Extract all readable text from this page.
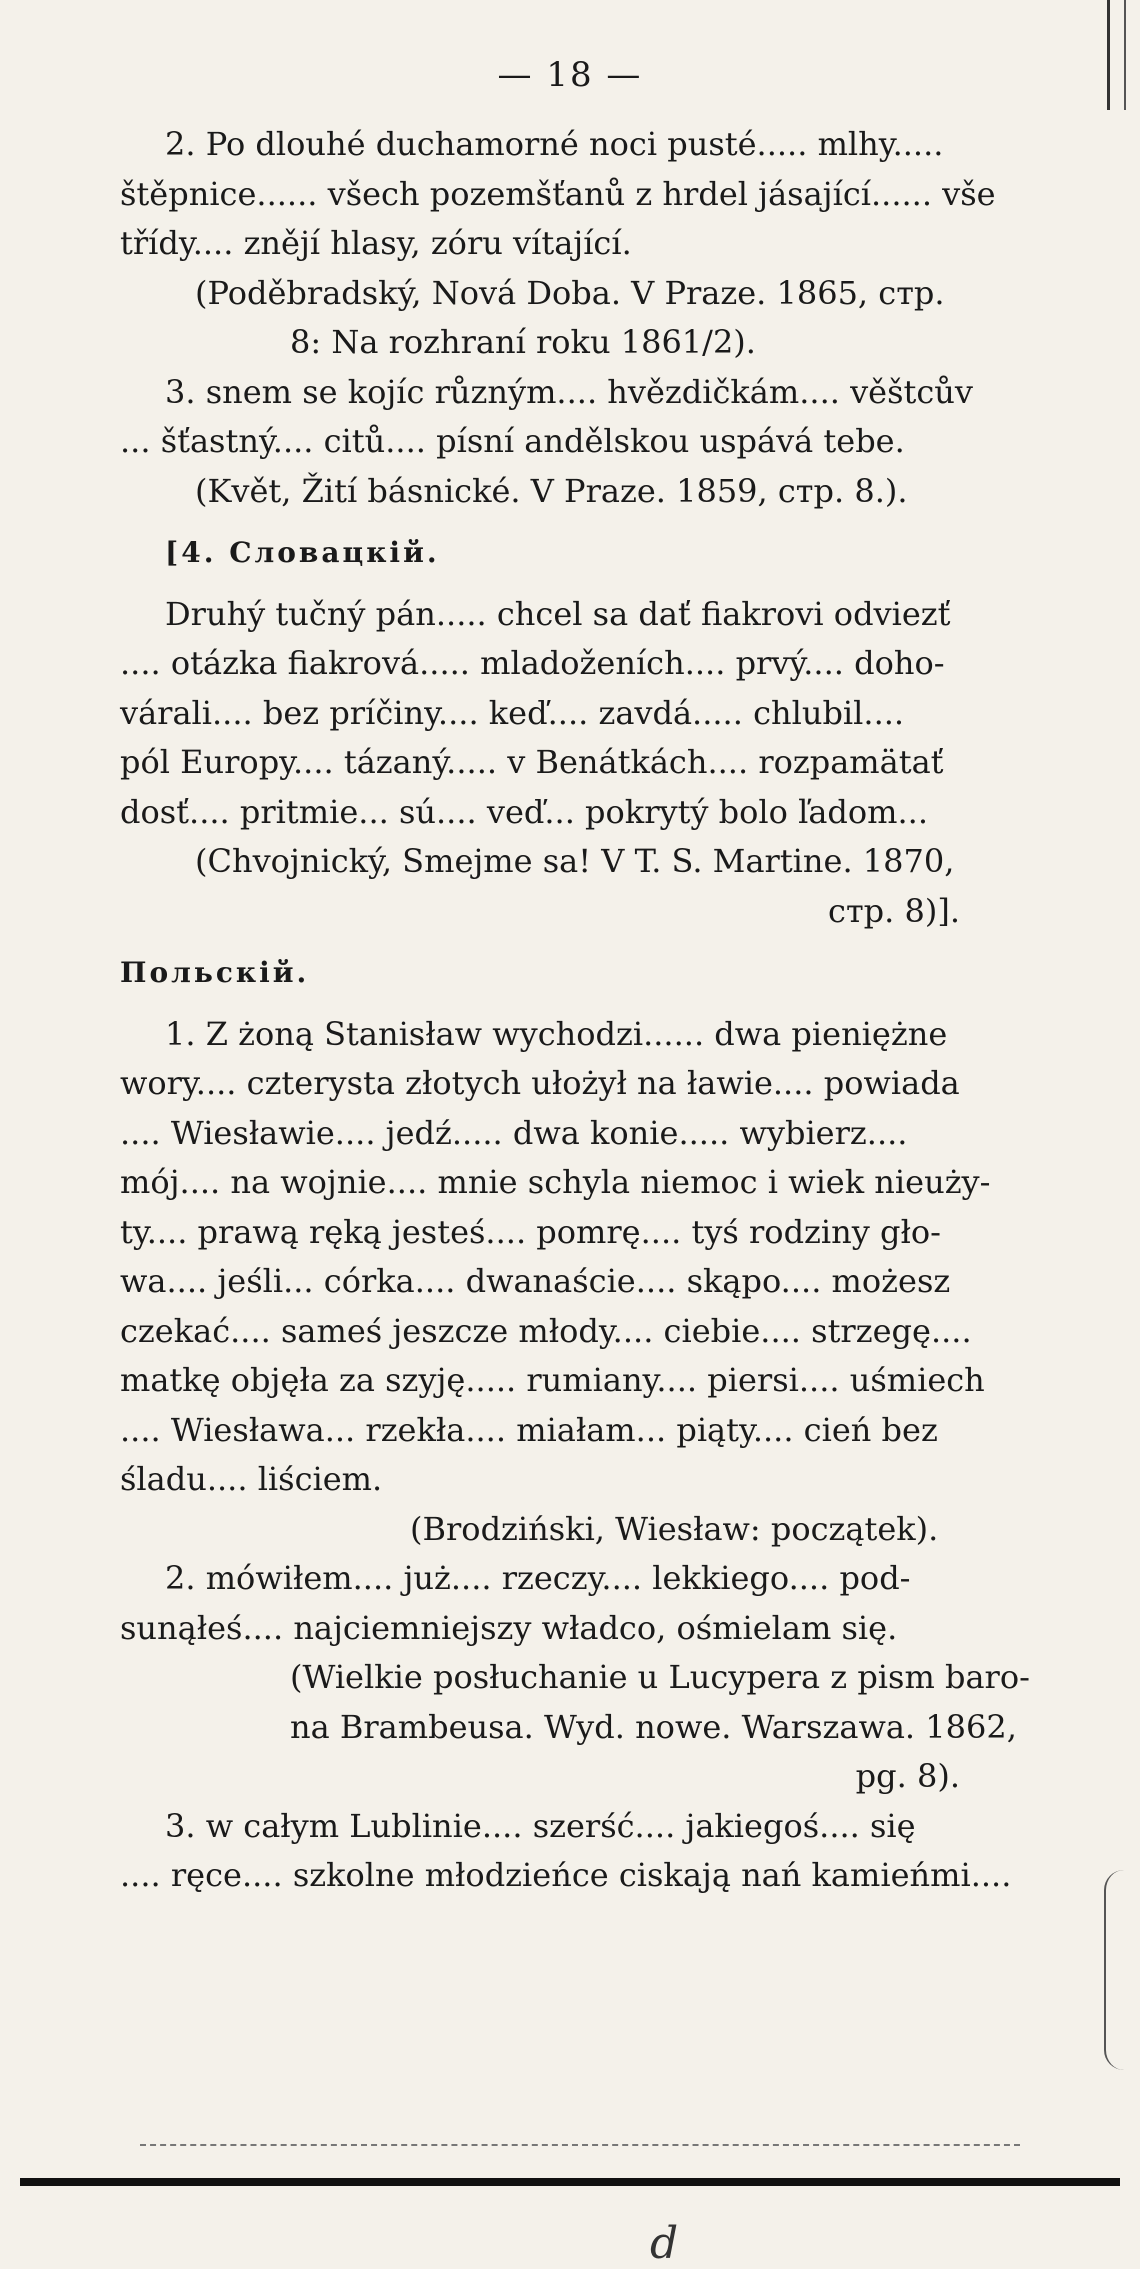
— 18 —

2. Po dlouhé duchamorné noci pusté..... mlhy.....

štěpnice...... všech pozemšťanů z hrdel jásající...... vše

třídy.... znějí hlasy, zóru vítající.

(Poděbradský, Nová Doba. V Praze. 1865, стр.

8: Na rozhraní roku 1861/2).

3. snem se kojíc různým.... hvězdičkám.... věštcův

... šťastný.... citů.... písní andělskou uspává tebe.

(Květ, Žití básnické. V Praze. 1859, стр. 8.).

[4. Словацкій.

Druhý tučný pán..... chcel sa dať fiakrovi odviezť

.... otázka fiakrová..... mladoženích.... prvý.... doho-

várali.... bez príčiny.... keď.... zavdá..... chlubil....

pól Europy.... tázaný..... v Benátkách.... rozpamätať

dosť.... pritmie... sú.... veď... pokrytý bolo ľadom...

(Chvojnický, Smejme sa! V T. S. Martine. 1870,

стр. 8)].

Польскій.

1. Z żoną Stanisław wychodzi...... dwa pieniężne

wory.... czterysta złotych ułożył na ławie.... powiada

.... Wiesławie.... jedź..... dwa konie..... wybierz....

mój.... na wojnie.... mnie schyla niemoc i wiek nieuży-

ty.... prawą ręką jesteś.... pomrę.... tyś rodziny gło-

wa.... jeśli... córka.... dwanaście.... skąpo.... możesz

czekać.... sameś jeszcze młody.... ciebie.... strzegę....

matkę objęła za szyję..... rumiany.... piersi.... uśmiech

.... Wiesława... rzekła.... miałam... piąty.... cień bez

śladu.... liściem.

(Brodziński, Wiesław: początek).

2. mówiłem.... już.... rzeczy.... lekkiego.... pod-

sunąłeś.... najciemniejszy władco, ośmielam się.

(Wielkie posłuchanie u Lucypera z pism baro-

na Brambeusa. Wyd. nowe. Warszawa. 1862,

pg. 8).

3. w całym Lublinie.... szerść.... jakiegoś.... się

.... ręce.... szkolne młodzieńce ciskają nań kamieńmi....

d
